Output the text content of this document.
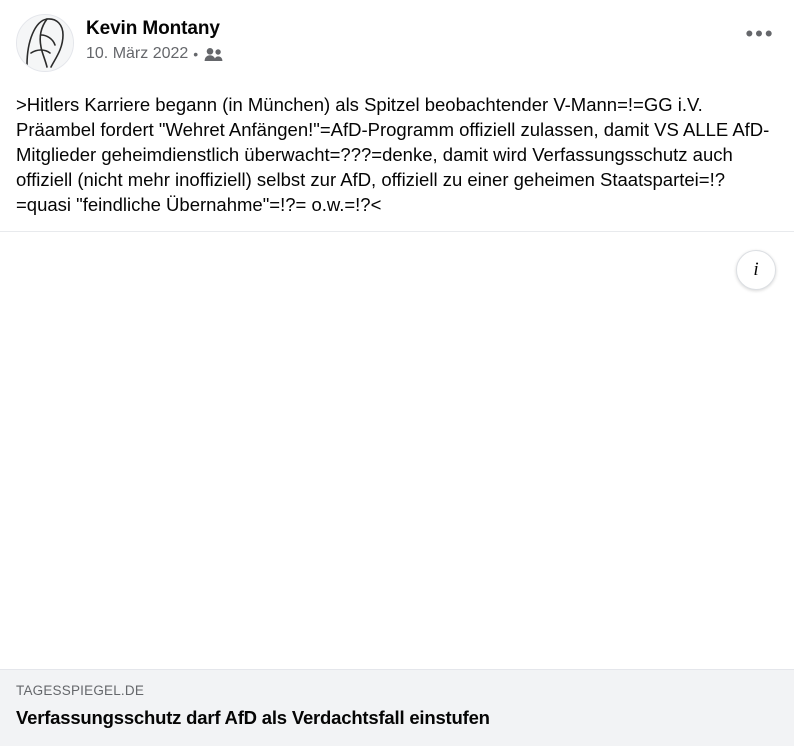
Kevin Montany
10. März 2022 •
•••
>Hitlers Karriere begann (in München) als Spitzel beobachtender V-Mann=!=GG i.V. Präambel fordert "Wehret Anfängen!"=AfD-Programm offiziell zulassen, damit VS ALLE AfD-Mitglieder geheimdienstlich überwacht=???=denke, damit wird Verfassungsschutz auch offiziell (nicht mehr inoffiziell) selbst zur AfD, offiziell zu einer geheimen Staatspartei=!?=quasi "feindliche Übernahme"=!?= o.w.=!?<
i
TAGESSPIEGEL.DE
Verfassungsschutz darf AfD als Verdachtsfall einstufen
